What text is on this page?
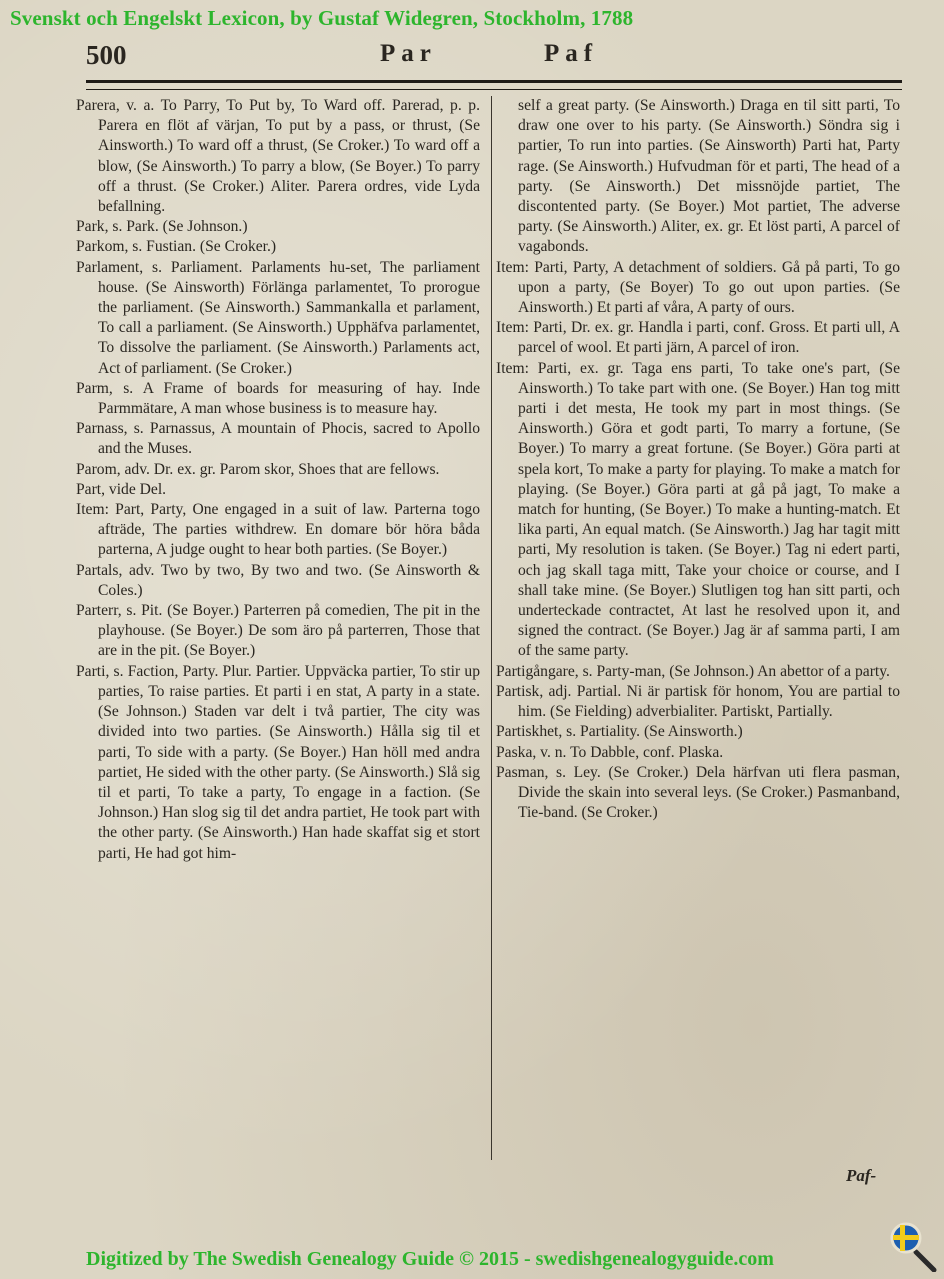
Svenskt och Engelskt Lexicon, by Gustaf Widegren, Stockholm, 1788
500	Par	Paf

Parera, v. a. To Parry, To Put by, To Ward off. Parerad, p. p. Parera en flöt af värjan, To put by a pass, or thrust, (Se Ainsworth.) To ward off a thrust, (Se Croker.) To ward off a blow, (Se Ainsworth.) To parry a blow, (Se Boyer.) To parry off a thrust. (Se Croker.) Aliter. Parera ordres, vide Lyda befallning.

Park, s. Park. (Se Johnson.)

Parkom, s. Fustian. (Se Croker.)

Parlament, s. Parliament. Parlaments hu-set, The parliament house. (Se Ainsworth) Förlänga parlamentet, To prorogue the parliament. (Se Ainsworth.) Sammankalla et parlament, To call a parliament. (Se Ainsworth.) Upphäfva parlamentet, To dissolve the parliament. (Se Ainsworth.) Parlaments act, Act of parliament. (Se Croker.)

Parm, s. A Frame of boards for measuring of hay. Inde Parmmätare, A man whose business is to measure hay.

Parnass, s. Parnassus, A mountain of Phocis, sacred to Apollo and the Muses.

Parom, adv. Dr. ex. gr. Parom skor, Shoes that are fellows.

Part, vide Del.

Item: Part, Party, One engaged in a suit of law. Parterna togo afträde, The parties withdrew. En domare bör höra båda parterna, A judge ought to hear both parties. (Se Boyer.)

Partals, adv. Two by two, By two and two. (Se Ainsworth & Coles.)

Parterr, s. Pit. (Se Boyer.) Parterren på comedien, The pit in the playhouse. (Se Boyer.) De som äro på parterren, Those that are in the pit. (Se Boyer.)

Parti, s. Faction, Party. Plur. Partier. Uppväcka partier, To stir up parties, To raise parties. Et parti i en stat, A party in a state. (Se Johnson.) Staden var delt i två partier, The city was divided into two parties. (Se Ainsworth.) Hålla sig til et parti, To side with a party. (Se Boyer.) Han höll med andra partiet, He sided with the other party. (Se Ainsworth.) Slå sig til et parti, To take a party, To engage in a faction. (Se Johnson.) Han slog sig til det andra partiet, He took part with the other party. (Se Ainsworth.) Han hade skaffat sig et stort parti, He had got him-

self a great party. (Se Ainsworth.) Draga en til sitt parti, To draw one over to his party. (Se Ainsworth.) Söndra sig i partier, To run into parties. (Se Ainsworth) Parti hat, Party rage. (Se Ainsworth.) Hufvudman för et parti, The head of a party. (Se Ainsworth.) Det missnöjde partiet, The discontented party. (Se Boyer.) Mot partiet, The adverse party. (Se Ainsworth.) Aliter, ex. gr. Et löst parti, A parcel of vagabonds.

Item: Parti, Party, A detachment of soldiers. Gå på parti, To go upon a party, (Se Boyer) To go out upon parties. (Se Ainsworth.) Et parti af våra, A party of ours.

Item: Parti, Dr. ex. gr. Handla i parti, conf. Gross. Et parti ull, A parcel of wool. Et parti järn, A parcel of iron.

Item: Parti, ex. gr. Taga ens parti, To take one's part, (Se Ainsworth.) To take part with one. (Se Boyer.) Han tog mitt parti i det mesta, He took my part in most things. (Se Ainsworth.) Göra et godt parti, To marry a fortune, (Se Boyer.) To marry a great fortune. (Se Boyer.) Göra parti at spela kort, To make a party for playing. To make a match for playing. (Se Boyer.) Göra parti at gå på jagt, To make a match for hunting, (Se Boyer.) To make a hunting-match. Et lika parti, An equal match. (Se Ainsworth.) Jag har tagit mitt parti, My resolution is taken. (Se Boyer.) Tag ni edert parti, och jag skall taga mitt, Take your choice or course, and I shall take mine. (Se Boyer.) Slutligen tog han sitt parti, och underteckade contractet, At last he resolved upon it, and signed the contract. (Se Boyer.) Jag är af samma parti, I am of the same party.

Partigångare, s. Party-man, (Se Johnson.) An abettor of a party.

Partisk, adj. Partial. Ni är partisk för honom, You are partial to him. (Se Fielding) adverbialiter. Partiskt, Partially.

Partiskhet, s. Partiality. (Se Ainsworth.)

Paska, v. n. To Dabble, conf. Plaska.

Pasman, s. Ley. (Se Croker.) Dela härfvan uti flera pasman, Divide the skain into several leys. (Se Croker.) Pasmanband, Tie-band. (Se Croker.)

Paf-
Digitized by The Swedish Genealogy Guide © 2015 - swedishgenealogyguide.com
